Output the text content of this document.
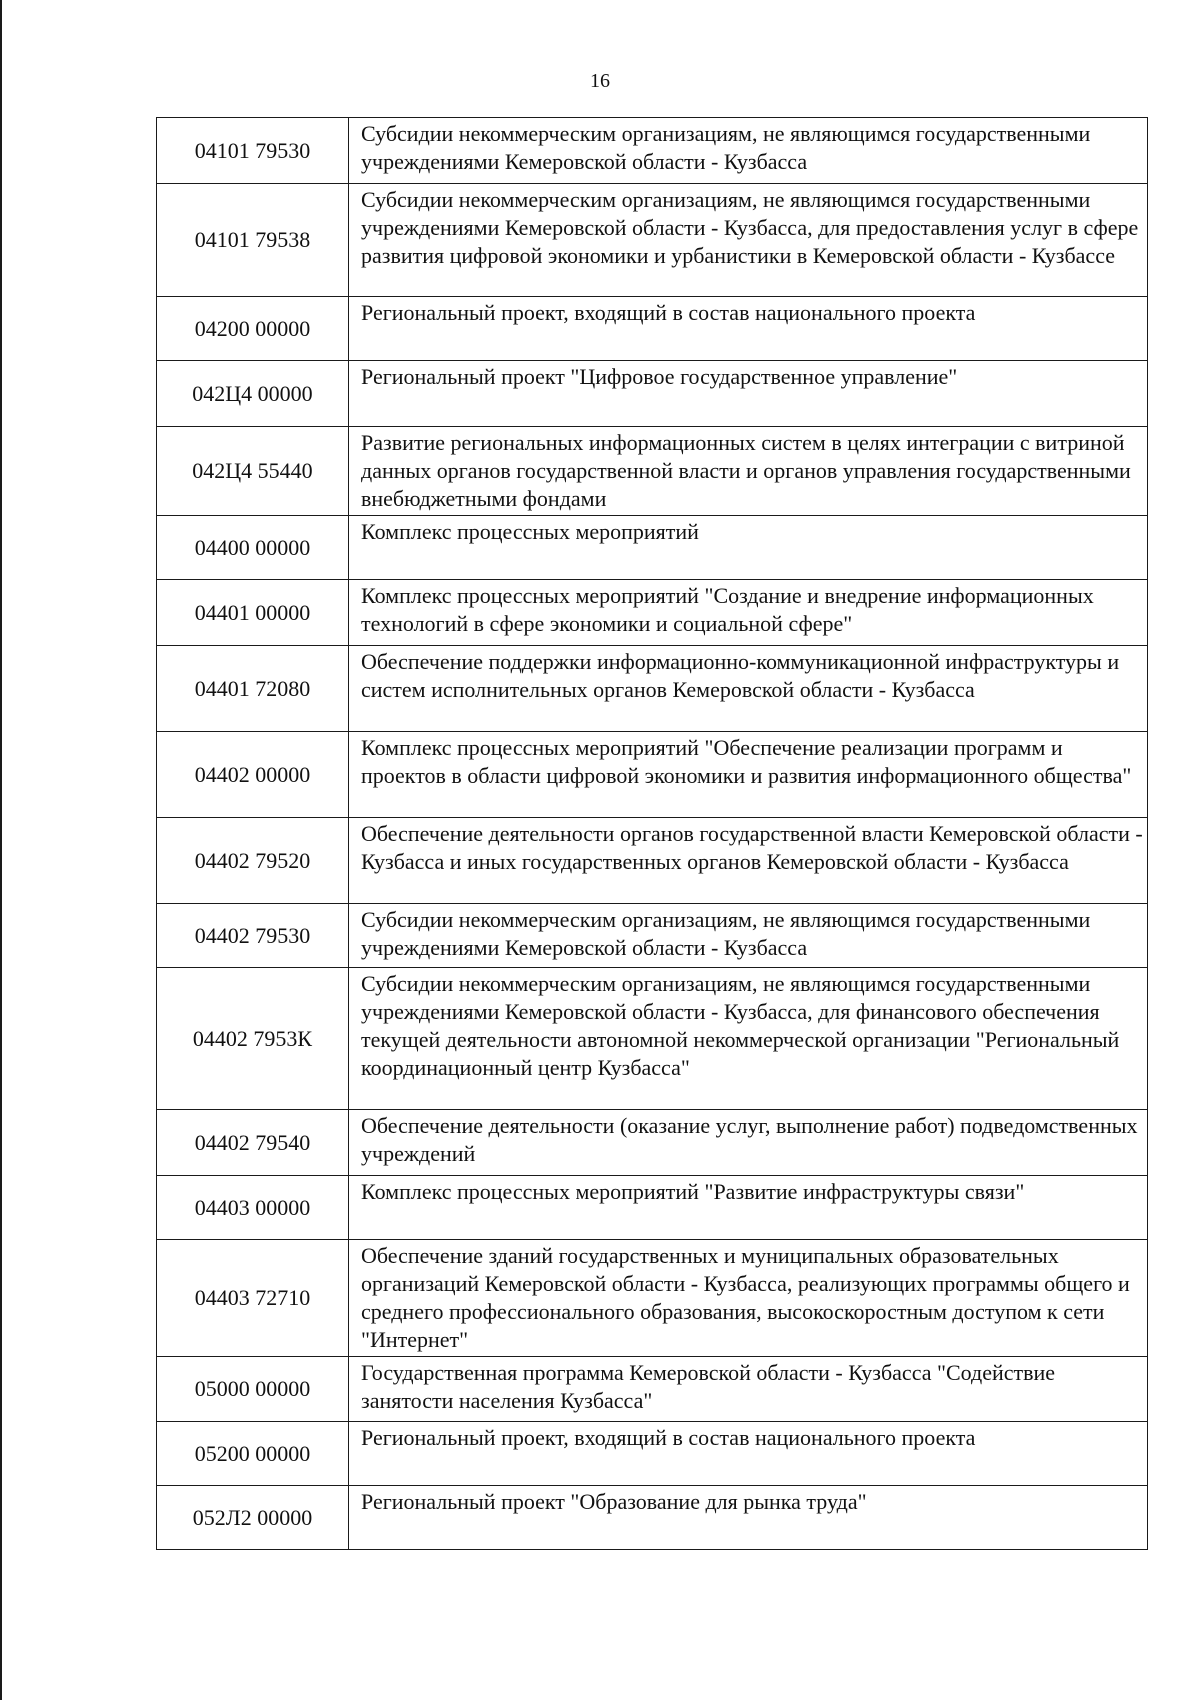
16
04101 79530	Субсидии некоммерческим организациям, не являющимся государственными учреждениями Кемеровской области - Кузбасса
04101 79538	Субсидии некоммерческим организациям, не являющимся государственными учреждениями Кемеровской области - Кузбасса, для предоставления услуг в сфере развития цифровой экономики и урбанистики в Кемеровской области - Кузбассе
04200 00000	Региональный проект, входящий в состав национального проекта
042Ц4 00000	Региональный проект "Цифровое государственное управление"
042Ц4 55440	Развитие региональных информационных систем в целях интеграции с витриной данных органов государственной власти и органов управления государственными внебюджетными фондами
04400 00000	Комплекс процессных мероприятий
04401 00000	Комплекс процессных мероприятий "Создание и внедрение информационных технологий в сфере экономики и социальной сфере"
04401 72080	Обеспечение поддержки информационно-коммуникационной инфраструктуры и систем исполнительных органов Кемеровской области - Кузбасса
04402 00000	Комплекс процессных мероприятий "Обеспечение реализации программ и проектов в области цифровой экономики и развития информационного общества"
04402 79520	Обеспечение деятельности органов государственной власти Кемеровской области - Кузбасса и иных государственных органов Кемеровской области - Кузбасса
04402 79530	Субсидии некоммерческим организациям, не являющимся государственными учреждениями Кемеровской области - Кузбасса
04402 7953К	Субсидии некоммерческим организациям, не являющимся государственными учреждениями Кемеровской области - Кузбасса, для финансового обеспечения текущей деятельности автономной некоммерческой организации "Региональный координационный центр Кузбасса"
04402 79540	Обеспечение деятельности (оказание услуг, выполнение работ) подведомственных учреждений
04403 00000	Комплекс процессных мероприятий "Развитие инфраструктуры связи"
04403 72710	Обеспечение зданий государственных и муниципальных образовательных организаций Кемеровской области - Кузбасса, реализующих программы общего и среднего профессионального образования, высокоскоростным доступом к сети "Интернет"
05000 00000	Государственная программа Кемеровской области - Кузбасса "Содействие занятости населения Кузбасса"
05200 00000	Региональный проект, входящий в состав национального проекта
052Л2 00000	Региональный проект "Образование для рынка труда"
